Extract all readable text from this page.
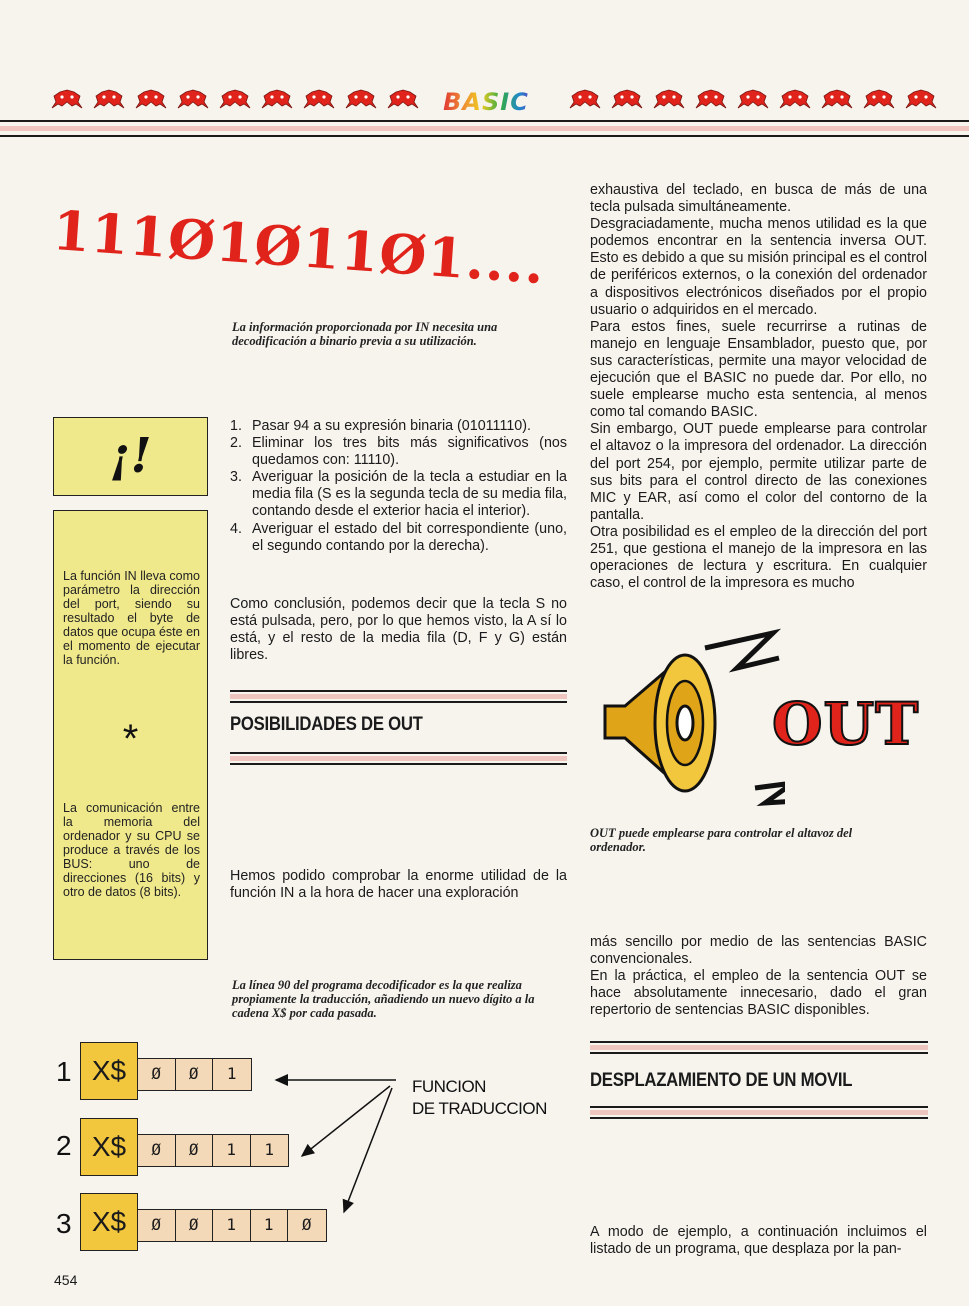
BASIC
111Ø1Ø11Ø1....
La información proporcionada por IN necesita una decodificación a binario previa a su utilización.
¡!
La función IN lleva como parámetro la dirección del port, siendo su resultado el byte de datos que ocupa éste en el momento de ejecutar la función.
*
La comunicación entre la memoria del ordenador y su CPU se produce a través de los BUS: uno de direcciones (16 bits) y otro de datos (8 bits).
1. Pasar 94 a su expresión binaria (01011110).
2. Eliminar los tres bits más significativos (nos quedamos con: 11110).
3. Averiguar la posición de la tecla a estudiar en la media fila (S es la segunda tecla de su media fila, contando desde el exterior hacia el interior).
4. Averiguar el estado del bit correspondiente (uno, el segundo contando por la derecha).
Como conclusión, podemos decir que la tecla S no está pulsada, pero, por lo que hemos visto, la A sí lo está, y el resto de la media fila (D, F y G) están libres.
POSIBILIDADES DE OUT
Hemos podido comprobar la enorme utilidad de la función IN a la hora de hacer una exploración
La línea 90 del programa decodificador es la que realiza propiamente la traducción, añadiendo un nuevo dígito a la cadena X$ por cada pasada.
1 X$	Ø	Ø	1
2 X$	Ø	Ø	1	1
3 X$	Ø	Ø	1	1	Ø
FUNCION
DE TRADUCCION

exhaustiva del teclado, en busca de más de una tecla pulsada simultáneamente.

Desgraciadamente, mucha menos utilidad es la que podemos encontrar en la sentencia inversa OUT. Esto es debido a que su misión principal es el control de periféricos externos, o la conexión del ordenador a dispositivos electrónicos diseñados por el propio usuario o adquiridos en el mercado.

Para estos fines, suele recurrirse a rutinas de manejo en lenguaje Ensamblador, puesto que, por sus características, permite una mayor velocidad de ejecución que el BASIC no puede dar. Por ello, no suele emplearse mucho esta sentencia, al menos como tal comando BASIC.

Sin embargo, OUT puede emplearse para controlar el altavoz o la impresora del ordenador. La dirección del port 254, por ejemplo, permite utilizar parte de sus bits para el control directo de las conexiones MIC y EAR, así como el color del contorno de la pantalla.

Otra posibilidad es el empleo de la dirección del port 251, que gestiona el manejo de la impresora en las operaciones de lectura y escritura. En cualquier caso, el control de la impresora es mucho

OUT
OUT puede emplearse para controlar el altavoz del ordenador.

más sencillo por medio de las sentencias BASIC convencionales.

En la práctica, el empleo de la sentencia OUT se hace absolutamente innecesario, dado el gran repertorio de sentencias BASIC disponibles.

DESPLAZAMIENTO DE UN MOVIL
A modo de ejemplo, a continuación incluimos el listado de un programa, que desplaza por la pan-
454
